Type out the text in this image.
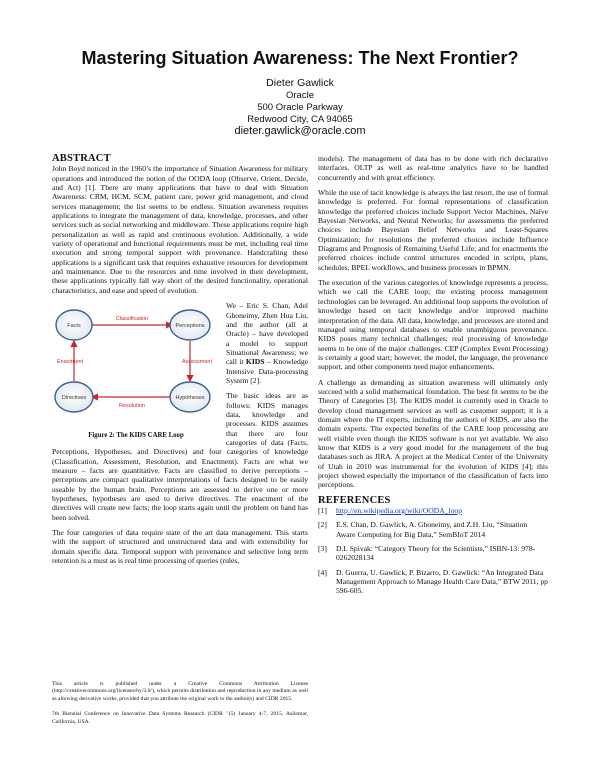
Mastering Situation Awareness: The Next Frontier?
Dieter Gawlick
Oracle
500 Oracle Parkway
Redwood City, CA 94065
dieter.gawlick@oracle.com
ABSTRACT

John Boyd noticed in the 1960’s the importance of Situation Awareness for military operations and introduced the notion of the OODA loop (Observe, Orient, Decide, and Act) [1]. There are many applications that have to deal with Situation Awareness: CRM, HCM, SCM, patient care, power grid management, and cloud services management; the list seems to be endless. Situation awareness requires applications to integrate the management of data, knowledge, processes, and other services such as social networking and middleware. These applications require high personalization as well as rapid and continuous evolution. Additionally, a wide variety of operational and functional requirements must be met, including real time execution and strong temporal support with provenance. Handcrafting these applications is a significant task that requires exhaustive resources for development and maintenance. Due to the resources and time involved in their development, these applications typically fall way short of the desired functionality, operational characteristics, and ease and speed of evolution.

Classification
Assessment
Resolution
Enactment
Facts	Perceptions
Hypotheses
Directives
Figure 2: The KIDS CARE Loop

We – Eric S. Chan, Adel Ghoneimy, Zhen Hua Liu, and the author (all at Oracle) – have developed a model to support Situational Awareness; we call it KIDS – Knowledge Intensive Data-processing System [2].

The basic ideas are as follows: KIDS manages data, knowledge and processes. KIDS assumes that there are four categories of data (Facts, Perceptions, Hypotheses, and Directives) and four categories of knowledge (Classification, Assessment, Resolution, and Enactment). Facts are what we measure – facts are quantitative. Facts are classified to derive perceptions – perceptions are compact qualitative interpretations of facts designed to be easily useable by the human brain. Perceptions are assessed to derive one or more hypotheses, hypotheses are used to derive directives. The enactment of the directives will create new facts; the loop starts again until the problem on hand has been solved.

The four categories of data require state of the art data management. This starts with the support of structured and unstructured data and with extensibility for domain specific data. Temporal support with provenance and selective long term retention is a must as is real time processing of queries (rules,

This article is published under a Creative Commons Attribution License (http://creativecommons.org/licenses/by/3.0/), which permits distribution and reproduction in any medium as well as allowing derivative works, provided that you attribute the original work to the author(s) and CIDR 2015.

7th Biennial Conference on Innovative Data Systems Research (CIDR ’15) January 4-7, 2015, Asilomar, California, USA.

models). The management of data has to be done with rich declarative interfaces. OLTP as well as real-time analytics have to be handled concurrently and with great efficiency.

While the use of tacit knowledge is always the last resort, the use of formal knowledge is preferred. For formal representations of classification knowledge the preferred choices include Support Vector Machines, Naïve Bayesian Networks, and Neural Networks; for assessments the preferred choices include Bayesian Belief Networks and Least-Squares Optimization; for resolutions the preferred choices include Influence Diagrams and Prognosis of Remaining Useful Life; and for enactments the preferred choices include control structures encoded in scripts, plans, schedules, BPEL workflows, and business processes in BPMN.

The execution of the various categories of knowledge represents a process, which we call the CARE loop; the existing process management technologies can be leveraged. An additional loop supports the evolution of knowledge based on tacit knowledge and/or improved machine interpretation of the data. All data, knowledge, and processes are stored and managed using temporal databases to enable unambiguous provenance. KIDS poses many technical challenges; real processing of knowledge seems to be one of the major challenges. CEP (Complex Event Processing) is certainly a good start; however, the model, the language, the provenance support, and other components need major enhancements.

A challenge as demanding as situation awareness will ultimately only succeed with a solid mathematical foundation. The best fit seems to be the Theory of Categories [3]. The KIDS model is currently used in Oracle to develop cloud management services as well as customer support; it is a domain where the IT experts, including the authors of KIDS, are also the domain experts. The expected benefits of the CARE loop processing are well visible even though the KIDS software is not yet available. We also know that KIDS is a very good model for the management of the bug databases such as JIRA. A project at the Medical Center of the University of Utah in 2010 was instrumental for the evolution of KIDS [4]; this project showed especially the importance of the classification of facts into perceptions.

REFERENCES
[1]	http://en.wikipedia.org/wiki/OODA_loop
[2]	E.S. Chan, D. Gawlick, A. Ghoneimy, and Z.H. Liu, “Situation Aware Computing for Big Data,” SemBIoT 2014
[3]	D.I. Spivak: “Category Theory for the Scientists,” ISBN-13: 978-0262028134
[4]	D. Guerra, U. Gawlick, P. Bizarro, D. Gawlick: “An Integrated Data Management Approach to Manage Health Care Data,” BTW 2011, pp 596-605.
